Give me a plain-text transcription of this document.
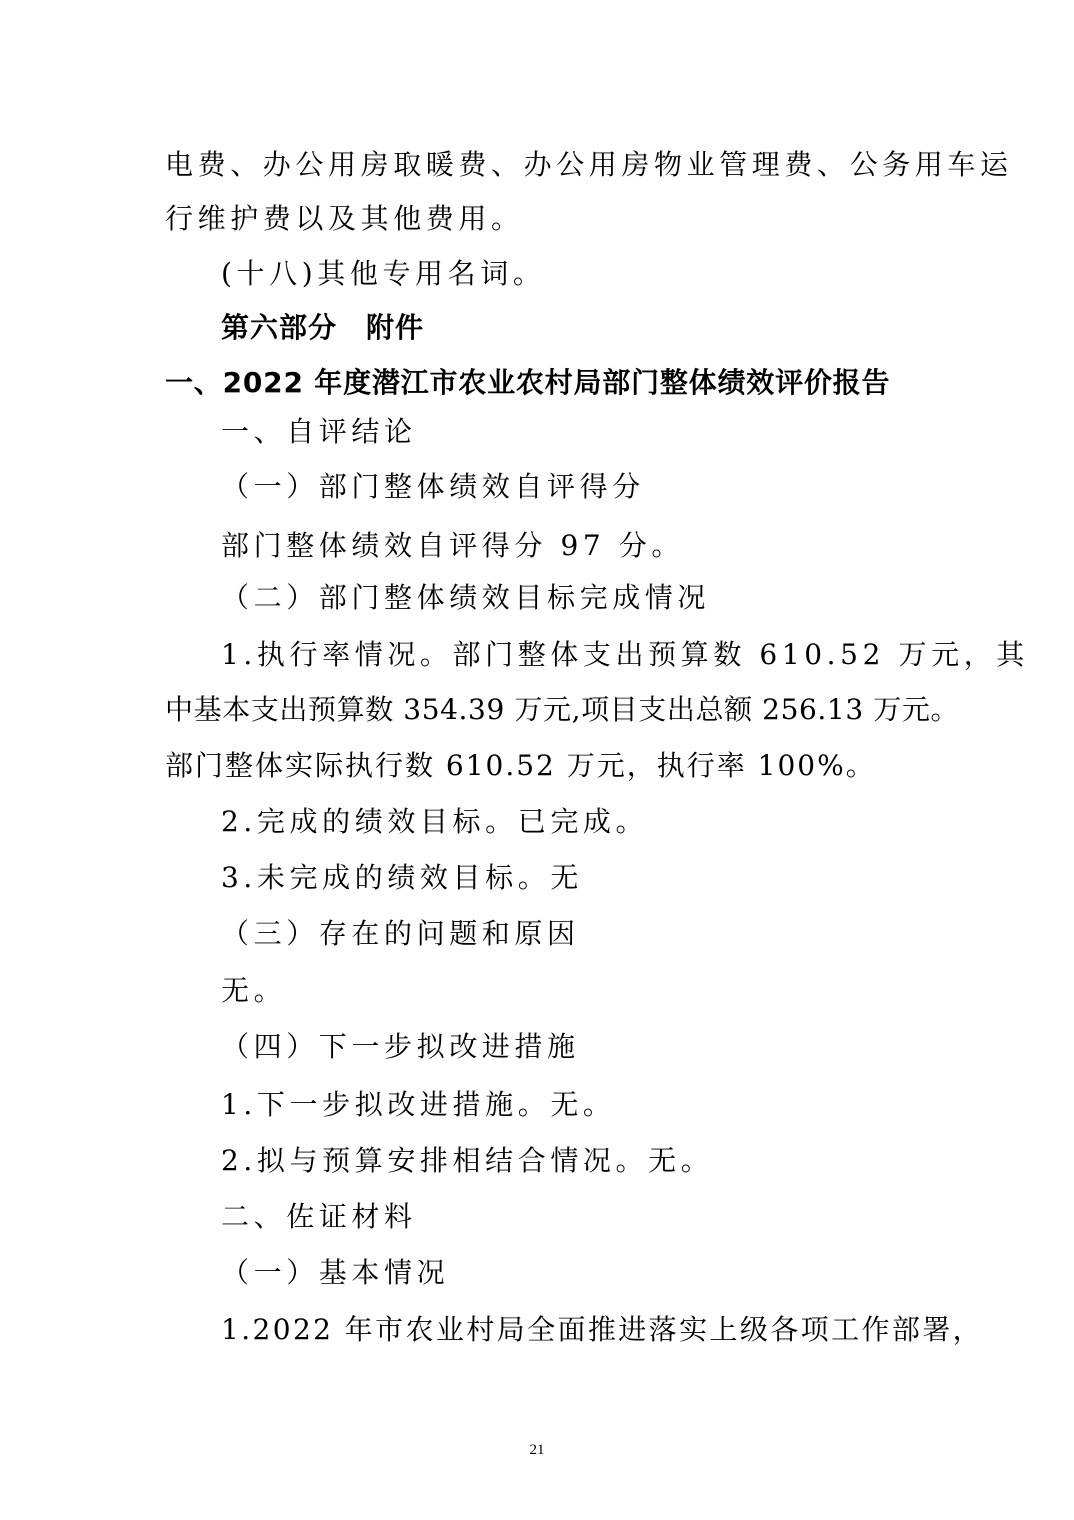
电费、办公用房取暖费、办公用房物业管理费、公务用车运
行维护费以及其他费用。
(十八)其他专用名词。
第六部分　附件
一、2022 年度潜江市农业农村局部门整体绩效评价报告
一、自评结论
（一）部门整体绩效自评得分
部门整体绩效自评得分 97 分。
（二）部门整体绩效目标完成情况
1.执行率情况。部门整体支出预算数 610.52 万元，其
中基本支出预算数 354.39 万元,项目支出总额 256.13 万元。
部门整体实际执行数 610.52 万元，执行率 100%。
2.完成的绩效目标。已完成。
3.未完成的绩效目标。无
（三）存在的问题和原因
无。
（四）下一步拟改进措施
1.下一步拟改进措施。无。
2.拟与预算安排相结合情况。无。
二、佐证材料
（一）基本情况
1.2022 年市农业村局全面推进落实上级各项工作部署，
21
